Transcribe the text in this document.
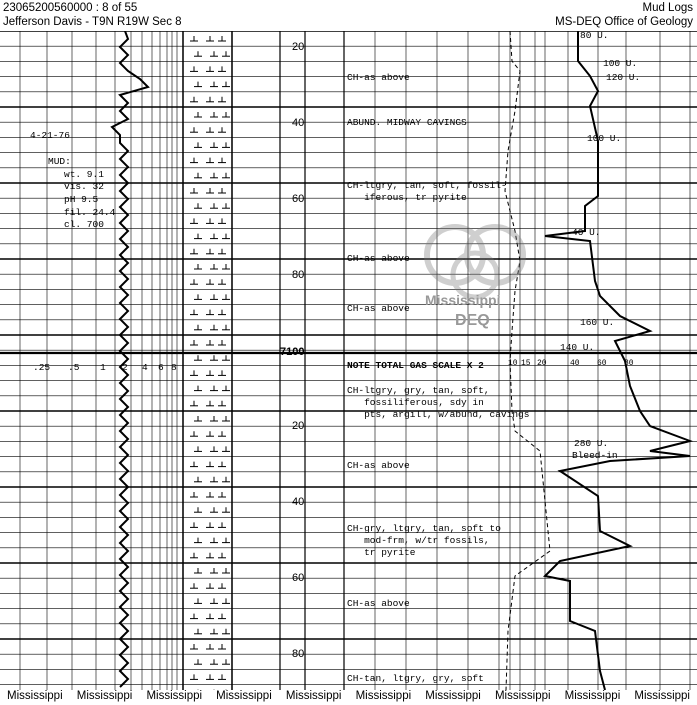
23065200560000 : 8 of 55
Jefferson Davis - T9N R19W Sec 8
Mud Logs
MS-DEQ Office of Geology
Mississippi
DEQ
4-21-76
MUD:
wt. 9.1
vis. 32
pH 9.5
fil. 24.4
cl. 700
7100
.25 .5 1 2 4 6 8	10 15 20	40 60 80
20
40
60
80
20
40
60
80
80 U.
100 U.
120 U.
100 U.
40 U.
160 U.
140 U.
280 U.
Bleed-in
CH-as above
ABUND. MIDWAY CAVINGS
CH-ltgry, tan, soft, fossil-
iferous, tr pyrite
CH-as above
CH-as above
NOTE TOTAL GAS SCALE X 2
CH-ltgry, gry, tan, soft,
fossiliferous, sdy in
pts, argill, w/abund, cavings
CH-as above
CH-gry, ltgry, tan, soft to
mod-frm, w/tr fossils,
tr pyrite
CH-as above
CH-tan, ltgry, gry, soft
Mississippi	Mississippi	Mississippi	Mississippi	Mississippi	Mississippi	Mississippi	Mississippi	Mississippi	Mississippi
